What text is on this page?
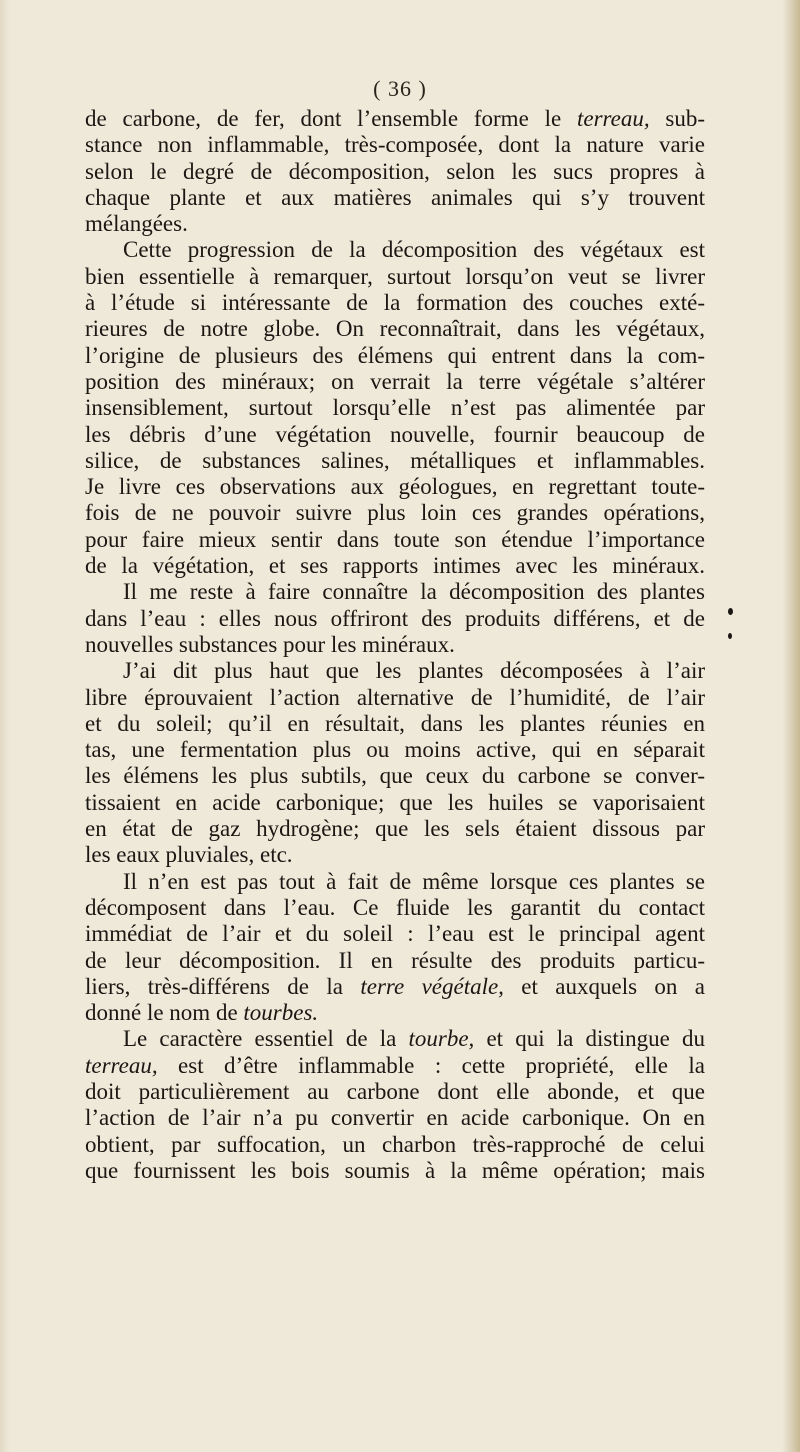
( 36 )
de carbone, de fer, dont l’ensemble forme le terreau, sub-
stance non inflammable, très-composée, dont la nature varie
selon le degré de décomposition, selon les sucs propres à
chaque plante et aux matières animales qui s’y trouvent
mélangées.
Cette progression de la décomposition des végétaux est
bien essentielle à remarquer, surtout lorsqu’on veut se livrer
à l’étude si intéressante de la formation des couches exté-
rieures de notre globe. On reconnaîtrait, dans les végétaux,
l’origine de plusieurs des élémens qui entrent dans la com-
position des minéraux; on verrait la terre végétale s’altérer
insensiblement, surtout lorsqu’elle n’est pas alimentée par
les débris d’une végétation nouvelle, fournir beaucoup de
silice, de substances salines, métalliques et inflammables.
Je livre ces observations aux géologues, en regrettant toute-
fois de ne pouvoir suivre plus loin ces grandes opérations,
pour faire mieux sentir dans toute son étendue l’importance
de la végétation, et ses rapports intimes avec les minéraux.
Il me reste à faire connaître la décomposition des plantes
dans l’eau : elles nous offriront des produits différens, et de
nouvelles substances pour les minéraux.
J’ai dit plus haut que les plantes décomposées à l’air
libre éprouvaient l’action alternative de l’humidité, de l’air
et du soleil; qu’il en résultait, dans les plantes réunies en
tas, une fermentation plus ou moins active, qui en séparait
les élémens les plus subtils, que ceux du carbone se conver-
tissaient en acide carbonique; que les huiles se vaporisaient
en état de gaz hydrogène; que les sels étaient dissous par
les eaux pluviales, etc.
Il n’en est pas tout à fait de même lorsque ces plantes se
décomposent dans l’eau. Ce fluide les garantit du contact
immédiat de l’air et du soleil : l’eau est le principal agent
de leur décomposition. Il en résulte des produits particu-
liers, très-différens de la terre végétale, et auxquels on a
donné le nom de tourbes.
Le caractère essentiel de la tourbe, et qui la distingue du
terreau, est d’être inflammable : cette propriété, elle la
doit particulièrement au carbone dont elle abonde, et que
l’action de l’air n’a pu convertir en acide carbonique. On en
obtient, par suffocation, un charbon très-rapproché de celui
que fournissent les bois soumis à la même opération; mais
